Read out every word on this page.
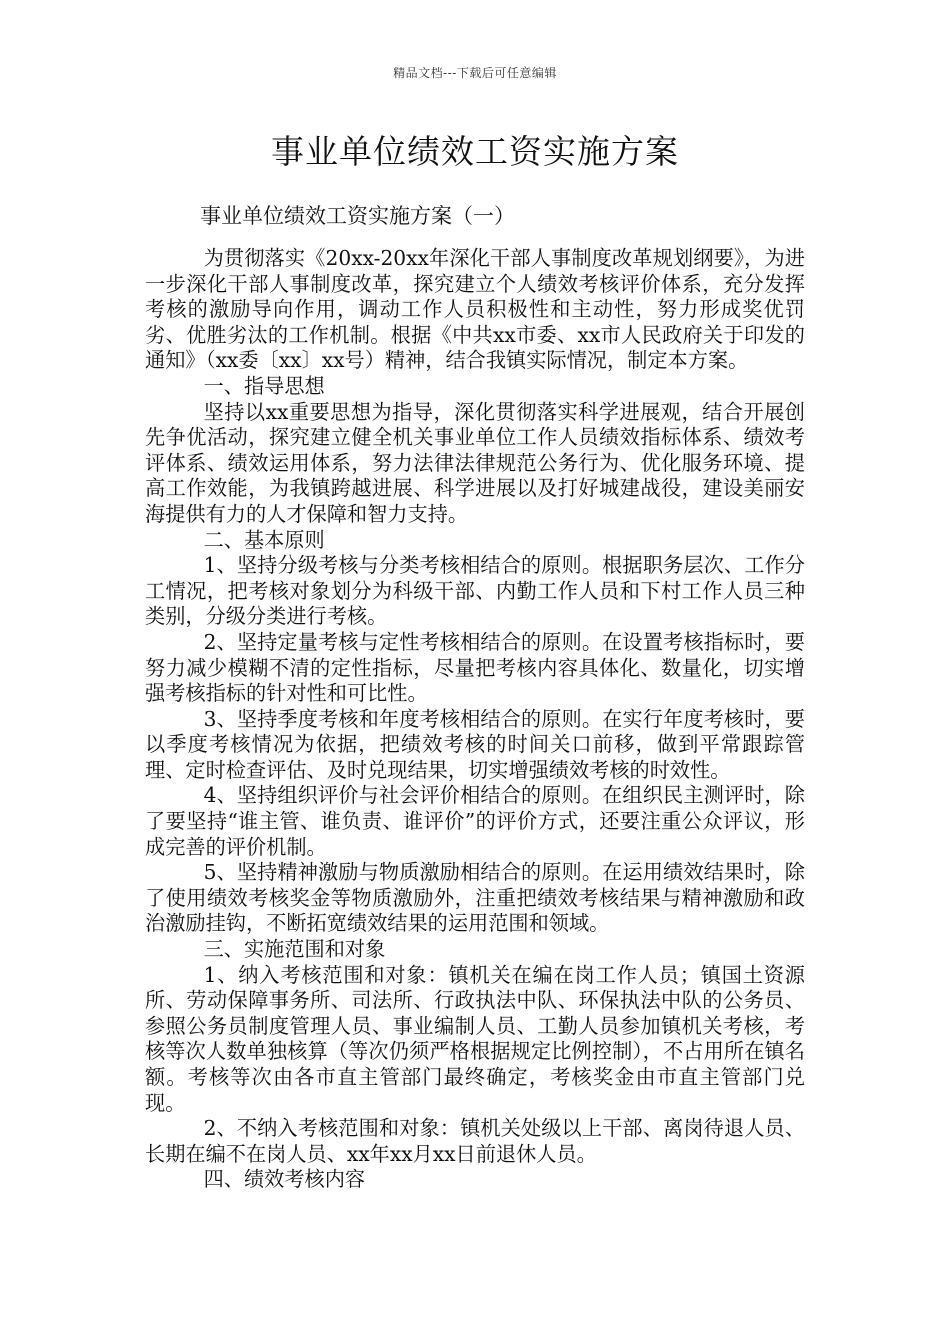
精品文档---下载后可任意编辑
事业单位绩效工资实施方案
事业单位绩效工资实施方案（一）

为贯彻落实《20xx-20xx年深化干部人事制度改革规划纲要》，为进一步深化干部人事制度改革，探究建立个人绩效考核评价体系，充分发挥考核的激励导向作用，调动工作人员积极性和主动性，努力形成奖优罚劣、优胜劣汰的工作机制。根据《中共xx市委、xx市人民政府关于印发的通知》（xx委〔xx〕xx号）精神，结合我镇实际情况，制定本方案。

一、指导思想

坚持以xx重要思想为指导，深化贯彻落实科学进展观，结合开展创先争优活动，探究建立健全机关事业单位工作人员绩效指标体系、绩效考评体系、绩效运用体系，努力法律法律规范公务行为、优化服务环境、提高工作效能，为我镇跨越进展、科学进展以及打好城建战役，建设美丽安海提供有力的人才保障和智力支持。

二、基本原则

1、坚持分级考核与分类考核相结合的原则。根据职务层次、工作分工情况，把考核对象划分为科级干部、内勤工作人员和下村工作人员三种类别，分级分类进行考核。

2、坚持定量考核与定性考核相结合的原则。在设置考核指标时，要努力减少模糊不清的定性指标，尽量把考核内容具体化、数量化，切实增强考核指标的针对性和可比性。

3、坚持季度考核和年度考核相结合的原则。在实行年度考核时，要以季度考核情况为依据，把绩效考核的时间关口前移，做到平常跟踪管理、定时检查评估、及时兑现结果，切实增强绩效考核的时效性。

4、坚持组织评价与社会评价相结合的原则。在组织民主测评时，除了要坚持“谁主管、谁负责、谁评价”的评价方式，还要注重公众评议，形成完善的评价机制。

5、坚持精神激励与物质激励相结合的原则。在运用绩效结果时，除了使用绩效考核奖金等物质激励外，注重把绩效考核结果与精神激励和政治激励挂钩，不断拓宽绩效结果的运用范围和领域。

三、实施范围和对象

1、纳入考核范围和对象：镇机关在编在岗工作人员；镇国土资源所、劳动保障事务所、司法所、行政执法中队、环保执法中队的公务员、参照公务员制度管理人员、事业编制人员、工勤人员参加镇机关考核，考核等次人数单独核算（等次仍须严格根据规定比例控制），不占用所在镇名额。考核等次由各市直主管部门最终确定，考核奖金由市直主管部门兑现。

2、不纳入考核范围和对象：镇机关处级以上干部、离岗待退人员、长期在编不在岗人员、xx年xx月xx日前退休人员。

四、绩效考核内容
